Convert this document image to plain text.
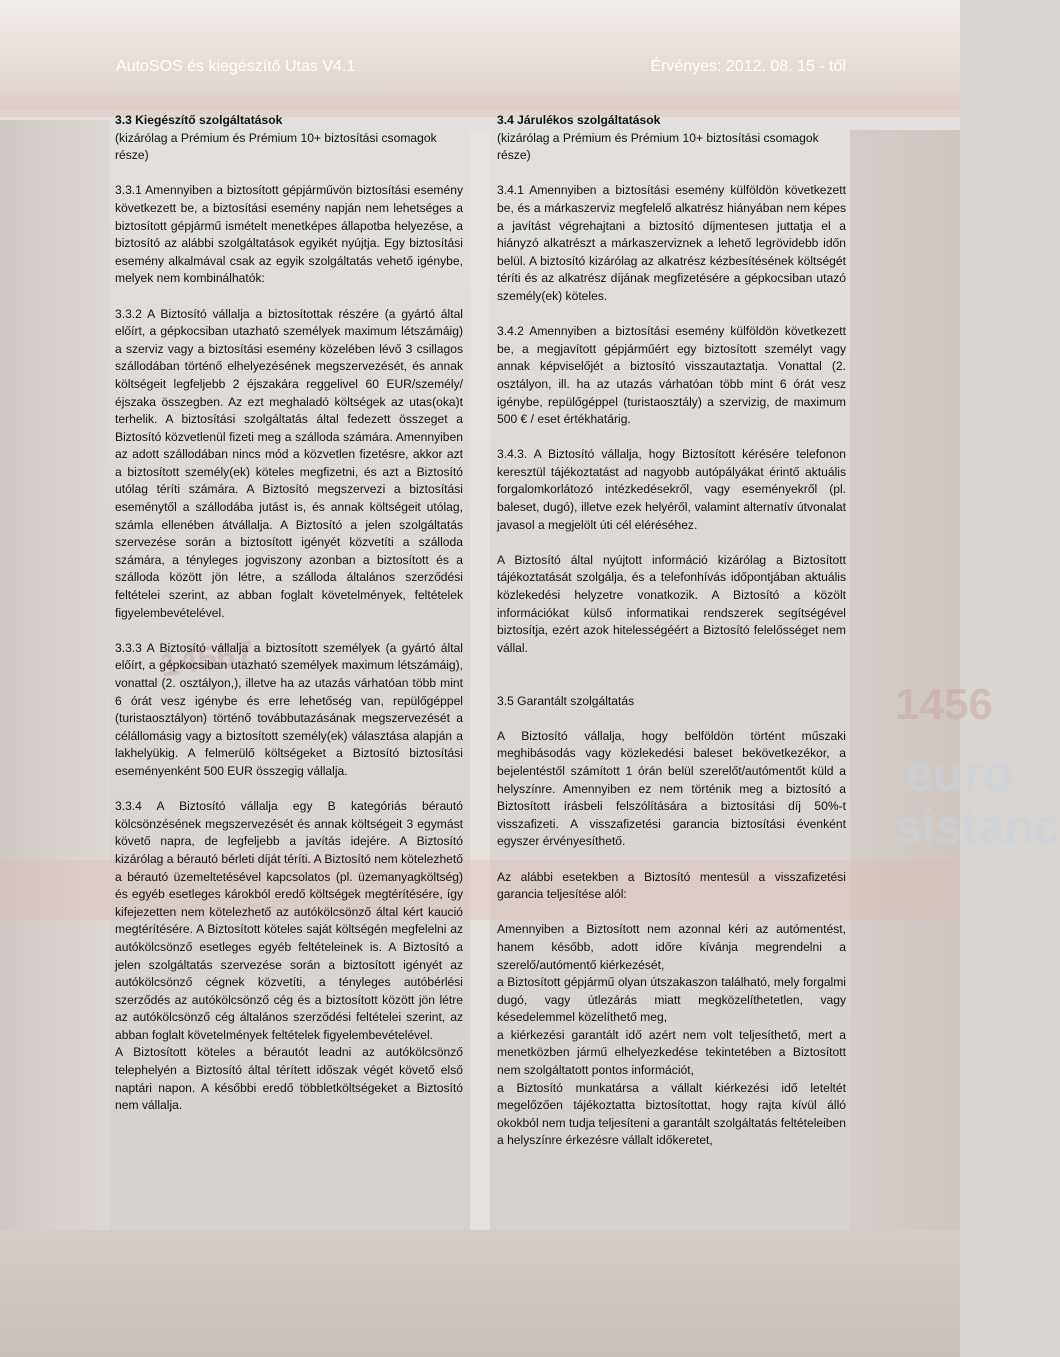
14567
1456
euro
sistanc
AutoSOS és kiegészítő Utas V4.1	Érvényes: 2012. 08. 15 - től
3.3 Kiegészítő szolgáltatások

(kizárólag a Prémium és Prémium 10+ biztosítási csomagok része)

3.3.1 Amennyiben a biztosított gépjárművön biztosítási esemény következett be, a biztosítási esemény napján nem lehetséges a biztosított gépjármű ismételt menetképes állapotba helyezése, a biztosító az alábbi szolgáltatások egyikét nyújtja. Egy biztosítási esemény alkalmával csak az egyik szolgáltatás vehető igénybe, melyek nem kombinálhatók:

3.3.2 A Biztosító vállalja a biztosítottak részére (a gyártó által előírt, a gépkocsiban utazható személyek maximum létszámáig) a szerviz vagy a biztosítási esemény közelében lévő 3 csillagos szállodában történő elhelyezésének megszervezését, és annak költségeit legfeljebb 2 éjszakára reggelivel 60 EUR/személy/éjszaka összegben. Az ezt meghaladó költségek az utas(oka)t terhelik. A biztosítási szolgáltatás által fedezett összeget a Biztosító közvetlenül fizeti meg a szálloda számára. Amennyiben az adott szállodában nincs mód a közvetlen fizetésre, akkor azt a biztosított személy(ek) köteles megfizetni, és azt a Biztosító utólag téríti számára. A Biztosító megszervezi a biztosítási eseménytől a szállodába jutást is, és annak költségeit utólag, számla ellenében átvállalja. A Biztosító a jelen szolgáltatás szervezése során a biztosított igényét közvetíti a szálloda számára, a tényleges jogviszony azonban a biztosított és a szálloda között jön létre, a szálloda általános szerződési feltételei szerint, az abban foglalt követelmények, feltételek figyelembevételével.

3.3.3 A Biztosító vállalja a biztosított személyek (a gyártó által előírt, a gépkocsiban utazható személyek maximum létszámáig), vonattal (2. osztályon,), illetve ha az utazás várhatóan több mint 6 órát vesz igénybe és erre lehetőség van, repülőgéppel (turistaosztályon) történő továbbutazásának megszervezését a célállomásig vagy a biztosított személy(ek) választása alapján a lakhelyükig. A felmerülő költségeket a Biztosító biztosítási eseményenként 500 EUR összegig vállalja.

3.3.4 A Biztosító vállalja egy B kategóriás bérautó kölcsönzésének megszervezését és annak költségeit 3 egymást követő napra, de legfeljebb a javítás idejére. A Biztosító kizárólag a bérautó bérleti díját téríti. A Biztosító nem kötelezhető a bérautó üzemeltetésével kapcsolatos (pl. üzemanyagköltség) és egyéb esetleges károkból eredő költségek megtérítésére, így kifejezetten nem kötelezhető az autókölcsönző által kért kaució megtérítésére. A Biztosított köteles saját költségén megfelelni az autókölcsönző esetleges egyéb feltételeinek is. A Biztosító a jelen szolgáltatás szervezése során a biztosított igényét az autókölcsönző cégnek közvetíti, a tényleges autóbérlési szerződés az autókölcsönző cég és a biztosított között jön létre az autókölcsönző cég általános szerződési feltételei szerint, az abban foglalt követelmények feltételek figyelembevételével.

A Biztosított köteles a bérautót leadni az autókölcsönző telephelyén a Biztosító által térített időszak végét követő első naptári napon. A későbbi eredő többletköltségeket a Biztosító nem vállalja.

3.4 Járulékos szolgáltatások

(kizárólag a Prémium és Prémium 10+ biztosítási csomagok része)

3.4.1 Amennyiben a biztosítási esemény külföldön következett be, és a márkaszerviz megfelelő alkatrész hiányában nem képes a javítást végrehajtani a biztosító díjmentesen juttatja el a hiányzó alkatrészt a márkaszerviznek a lehető legrövidebb időn belül. A biztosító kizárólag az alkatrész kézbesítésének költségét téríti és az alkatrész díjának megfizetésére a gépkocsiban utazó személy(ek) köteles.

3.4.2 Amennyiben a biztosítási esemény külföldön következett be, a megjavított gépjárműért egy biztosított személyt vagy annak képviselőjét a biztosító visszautaztatja. Vonattal (2. osztályon, ill. ha az utazás várhatóan több mint 6 órát vesz igénybe, repülőgéppel (turistaosztály) a szervizig, de maximum 500 € / eset értékhatárig.

3.4.3. A Biztosító vállalja, hogy Biztosított kérésére telefonon keresztül tájékoztatást ad nagyobb autópályákat érintő aktuális forgalomkorlátozó intézkedésekről, vagy eseményekről (pl. baleset, dugó), illetve ezek helyéről, valamint alternatív útvonalat javasol a megjelölt úti cél eléréséhez.

A Biztosító által nyújtott információ kizárólag a Biztosított tájékoztatását szolgálja, és a telefonhívás időpontjában aktuális közlekedési helyzetre vonatkozik. A Biztosító a közölt információkat külső informatikai rendszerek segítségével biztosítja, ezért azok hitelességéért a Biztosító felelősséget nem vállal.

3.5 Garantált szolgáltatás

A Biztosító vállalja, hogy belföldön történt műszaki meghibásodás vagy közlekedési baleset bekövetkezékor, a bejelentéstől számított 1 órán belül szerelőt/autómentőt küld a helyszínre. Amennyiben ez nem történik meg a biztosító a Biztosított írásbeli felszólítására a biztosítási díj 50%-t visszafizeti. A visszafizetési garancia biztosítási évenként egyszer érvényesíthető.

Az alábbi esetekben a Biztosító mentesül a visszafizetési garancia teljesítése alól:

Amennyiben a Biztosított nem azonnal kéri az autómentést, hanem később, adott időre kívánja megrendelni a szerelő/autómentő kiérkezését,

a Biztosított gépjármű olyan útszakaszon található, mely forgalmi dugó, vagy útlezárás miatt megközelíthetetlen, vagy késedelemmel közelíthető meg,

a kiérkezési garantált idő azért nem volt teljesíthető, mert a menetközben jármű elhelyezkedése tekintetében a Biztosított nem szolgáltatott pontos információt,

a Biztosító munkatársa a vállalt kiérkezési idő leteltét megelőzően tájékoztatta biztosítottat, hogy rajta kívül álló okokból nem tudja teljesíteni a garantált szolgáltatás feltételeiben a helyszínre érkezésre vállalt időkeretet,
